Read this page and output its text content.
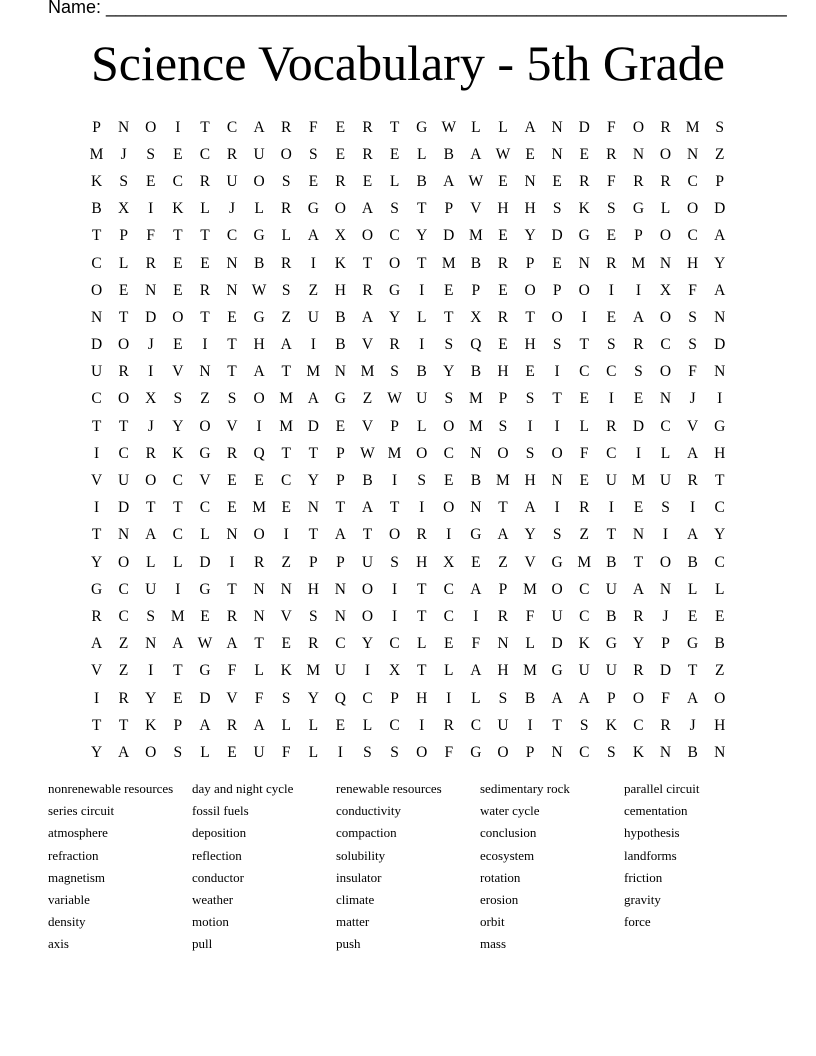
Name: ____________________________________________________________________
Science Vocabulary - 5th Grade
P	N	O	I	T	C	A	R	F	E	R	T	G W L	L	A	N	D	F	O	R M	S
M	J	S	E	C	R	U	O	S	E	R	E	L	B	A W E	N	E	R	N	O	N	Z
K	S	E	C	R	U	O	S	E	R	E	L	B	A W E	N	E	R	F	R	R	C	P
B	X	I	K	L	J	L	R	G	O	A	S	T	P	V	H	H	S	K	S	G	L	O	D
T	P	F	T	T	C	G	L	A	X	O	C	Y	D M E	Y	D	G	E	P	O	C	A
C	L	R	E	E	N	B	R	I	K	T	O	T M B	R	P	E	N	R M N	H	Y
O	E	N	E	R	N W S	Z	H	R	G	I	E	P	E	O	P	O	I	I	X	F	A
N	T	D	O	T	E	G	Z	U	B	A	Y	L	T	X	R	T	O	I	E	A	O	S	N
D	O	J	E	I	T	H	A	I	B	V	R	I	S	Q	E	H	S	T	S	R	C	S	D
U	R	I	V	N	T	A	T M N M	S	B	Y	B	H	E	I	C	C	S	O	F	N
C	O	X	S	Z	S	O M A	G	Z W U	S	M	P	S	T	E	I	E	N	J	I
T	T	J	Y	O	V	I	M D	E	V	P	L	O M	S	I	I	L	R	D	C	V	G
I	C	R	K	G	R	Q	T	T	P W M O	C	N	O	S	O	F	C	I	L	A	H
V	U	O	C	V	E	E	C	Y	P	B	I	S	E	B M H	N	E	U M U	R	T
I	D	T	T	C	E M E	N	T	A	T	I	O	N	T	A	I	R	I	E	S	I	C
T	N	A	C	L	N	O	I	T	A	T	O	R	I	G	A	Y	S	Z	T	N	I	A	Y
Y	O	L	L	D	I	R	Z	P	P	U	S	H	X	E	Z	V	G M B	T	O	B	C
G	C	U	I	G	T	N	N	H	N	O	I	T	C	A	P	M O	C	U	A	N	L	L
R	C	S	M E	R	N	V	S	N	O	I	T	C	I	R	F	U	C	B	R	J	E	E
A	Z	N	A W A	T	E	R	C	Y	C	L	E	F	N	L	D	K	G	Y	P	G	B
V	Z	I	T	G	F	L	K M U	I	X	T	L	A	H M G	U	U	R	D	T	Z
I	R	Y	E	D	V	F	S	Y	Q	C	P	H	I	L	S	B	A	A	P	O	F	A	O
T	T	K	P	A	R	A	L	L	E	L	C	I	R	C	U	I	T	S	K	C	R	J	H
Y	A	O	S	L	E	U	F	L	I	S	S	O	F	G	O	P	N	C	S	K	N	B	N
nonrenewable resources	day and night cycle	renewable resources	sedimentary rock	parallel circuit
series circuit	fossil fuels	conductivity	water cycle	cementation
atmosphere	deposition	compaction	conclusion	hypothesis
refraction	reflection	solubility	ecosystem	landforms
magnetism	conductor	insulator	rotation	friction
variable	weather	climate	erosion	gravity
density	motion	matter	orbit	force
axis	pull	push	mass
